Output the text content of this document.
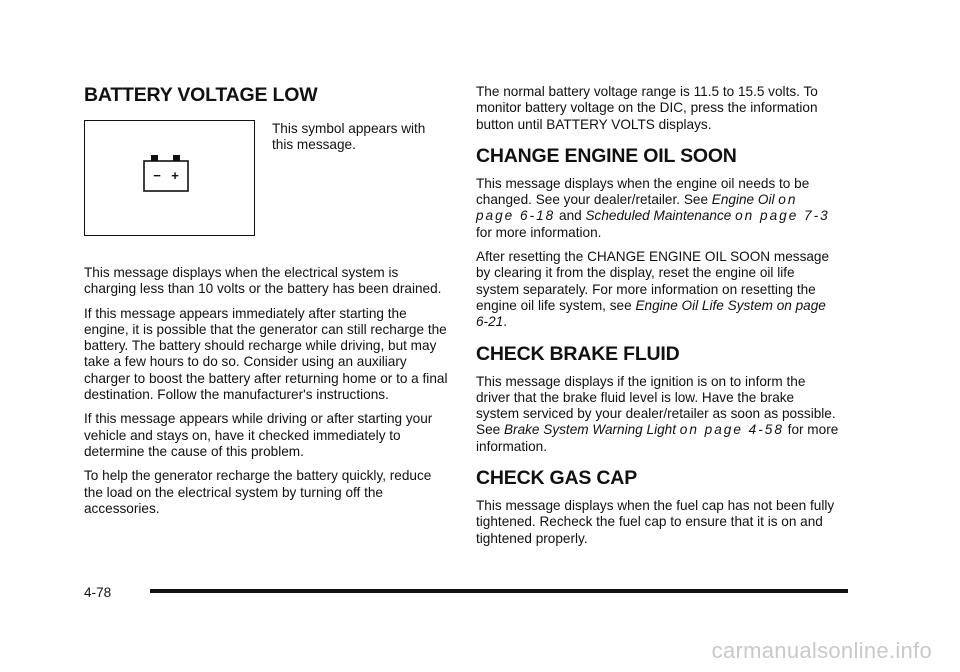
BATTERY VOLTAGE LOW
− +

This symbol appears with this message.

This message displays when the electrical system is charging less than 10 volts or the battery has been drained.

If this message appears immediately after starting the engine, it is possible that the generator can still recharge the battery. The battery should recharge while driving, but may take a few hours to do so. Consider using an auxiliary charger to boost the battery after returning home or to a final destination. Follow the manufacturer's instructions.

If this message appears while driving or after starting your vehicle and stays on, have it checked immediately to determine the cause of this problem.

To help the generator recharge the battery quickly, reduce the load on the electrical system by turning off the accessories.

The normal battery voltage range is 11.5 to 15.5 volts. To monitor battery voltage on the DIC, press the information button until BATTERY VOLTS displays.

CHANGE ENGINE OIL SOON

This message displays when the engine oil needs to be changed. See your dealer/retailer. See Engine Oil on page 6-18 and Scheduled Maintenance on page 7-3 for more information.

After resetting the CHANGE ENGINE OIL SOON message by clearing it from the display, reset the engine oil life system separately. For more information on resetting the engine oil life system, see Engine Oil Life System on page 6-21.

CHECK BRAKE FLUID

This message displays if the ignition is on to inform the driver that the brake fluid level is low. Have the brake system serviced by your dealer/retailer as soon as possible. See Brake System Warning Light on page 4-58 for more information.

CHECK GAS CAP

This message displays when the fuel cap has not been fully tightened. Recheck the fuel cap to ensure that it is on and tightened properly.

4-78
carmanualsonline.info
